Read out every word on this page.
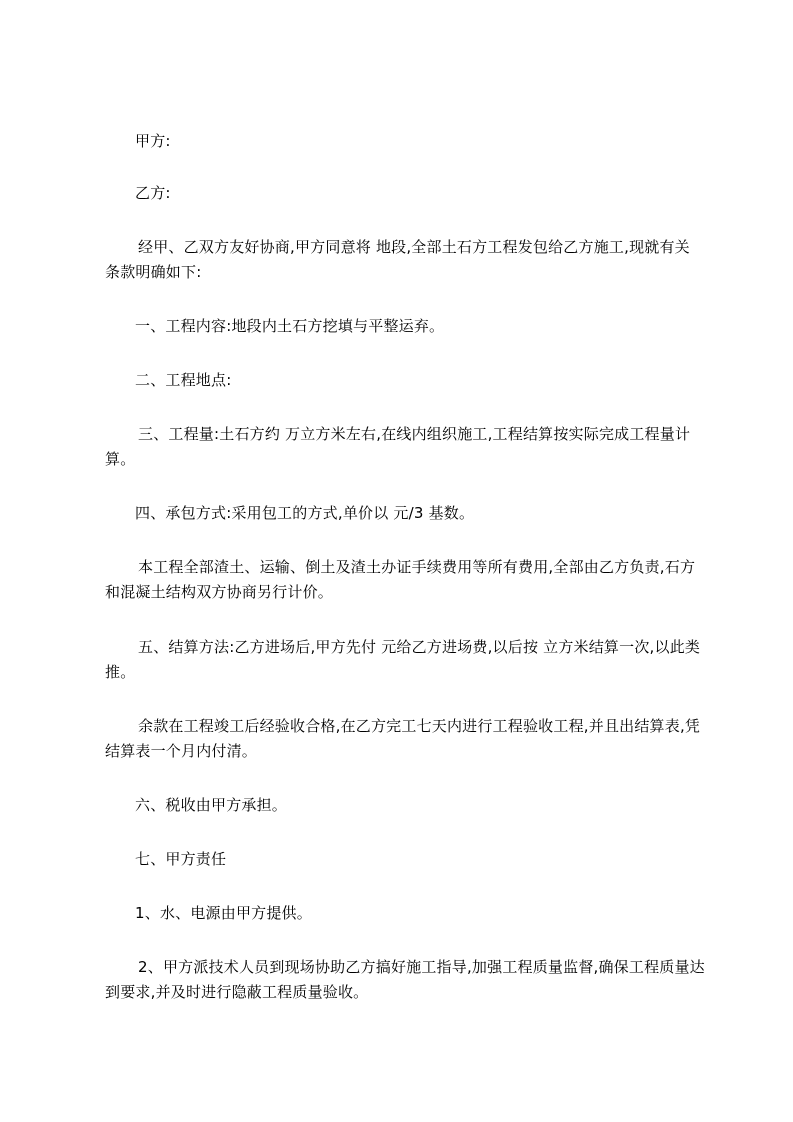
甲方:

乙方:

经甲、乙双方友好协商,甲方同意将 地段,全部土石方工程发包给乙方施工,现就有关条款明确如下:

一、工程内容:地段内土石方挖填与平整运弃。

二、工程地点:

三、工程量:土石方约 万立方米左右,在线内组织施工,工程结算按实际完成工程量计算。

四、承包方式:采用包工的方式,单价以 元/3 基数。

本工程全部渣土、运输、倒土及渣土办证手续费用等所有费用,全部由乙方负责,石方和混凝土结构双方协商另行计价。

五、结算方法:乙方进场后,甲方先付 元给乙方进场费,以后按 立方米结算一次,以此类推。

余款在工程竣工后经验收合格,在乙方完工七天内进行工程验收工程,并且出结算表,凭结算表一个月内付清。

六、税收由甲方承担。

七、甲方责任

1、水、电源由甲方提供。

2、甲方派技术人员到现场协助乙方搞好施工指导,加强工程质量监督,确保工程质量达到要求,并及时进行隐蔽工程质量验收。
